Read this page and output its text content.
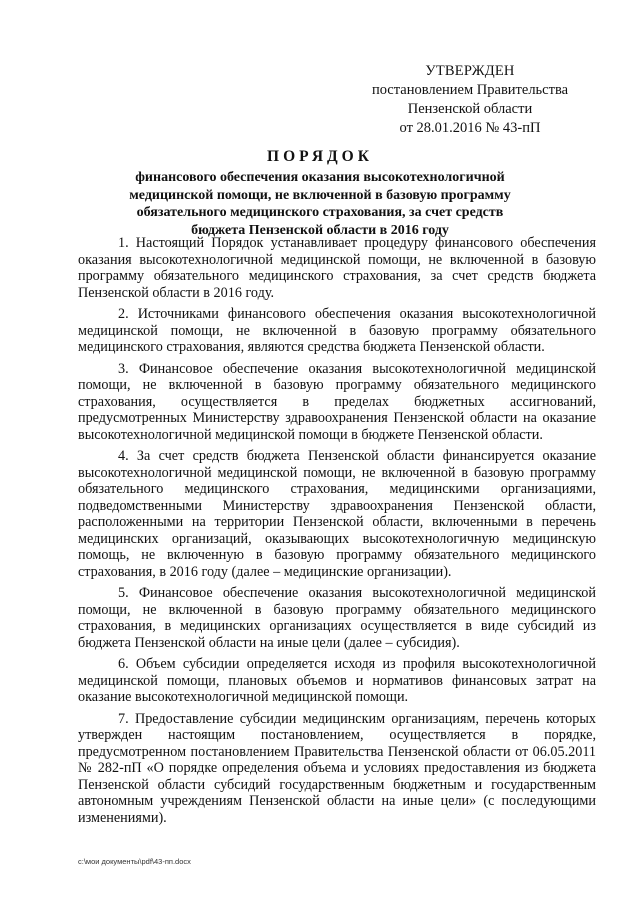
УТВЕРЖДЕН
постановлением Правительства
Пензенской области
от 28.01.2016 № 43-пП
ПОРЯДОК
финансового обеспечения оказания высокотехнологичной
медицинской помощи, не включенной в базовую программу
обязательного медицинского страхования, за счет средств
бюджета Пензенской области в 2016 году

1. Настоящий Порядок устанавливает процедуру финансового обеспечения оказания высокотехнологичной медицинской помощи, не включенной в базовую программу обязательного медицинского страхования, за счет средств бюджета Пензенской области в 2016 году.

2. Источниками финансового обеспечения оказания высокотехнологичной медицинской помощи, не включенной в базовую программу обязательного медицинского страхования, являются средства бюджета Пензенской области.

3. Финансовое обеспечение оказания высокотехнологичной медицинской помощи, не включенной в базовую программу обязательного медицинского страхования, осуществляется в пределах бюджетных ассигнований, предусмотренных Министерству здравоохранения Пензенской области на оказание высокотехнологичной медицинской помощи в бюджете Пензенской области.

4. За счет средств бюджета Пензенской области финансируется оказание высокотехнологичной медицинской помощи, не включенной в базовую программу обязательного медицинского страхования, медицинскими организациями, подведомственными Министерству здравоохранения Пензенской области, расположенными на территории Пензенской области, включенными в перечень медицинских организаций, оказывающих высокотехнологичную медицинскую помощь, не включенную в базовую программу обязательного медицинского страхования, в 2016 году (далее – медицинские организации).

5. Финансовое обеспечение оказания высокотехнологичной медицинской помощи, не включенной в базовую программу обязательного медицинского страхования, в медицинских организациях осуществляется в виде субсидий из бюджета Пензенской области на иные цели (далее – субсидия).

6. Объем субсидии определяется исходя из профиля высокотехнологичной медицинской помощи, плановых объемов и нормативов финансовых затрат на оказание высокотехнологичной медицинской помощи.

7. Предоставление субсидии медицинским организациям, перечень которых утвержден настоящим постановлением, осуществляется в порядке, предусмотренном постановлением Правительства Пензенской области от 06.05.2011 № 282-пП «О порядке определения объема и условиях предоставления из бюджета Пензенской области субсидий государственным бюджетным и государственным автономным учреждениям Пензенской области на иные цели» (с последующими изменениями).

c:\мои документы\pdf\43-пп.docx
